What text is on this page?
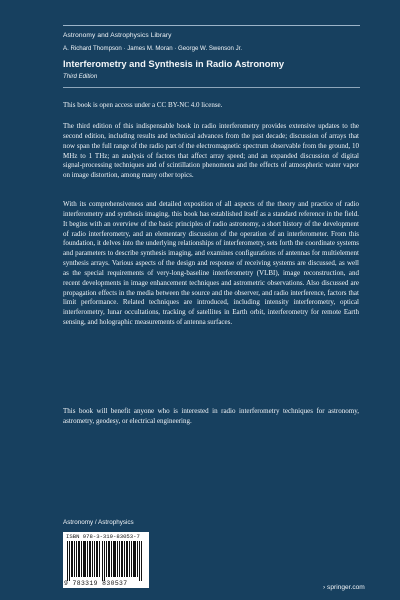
Astronomy and Astrophysics Library
A. Richard Thompson · James M. Moran · George W. Swenson Jr.
Interferometry and Synthesis in Radio Astronomy
Third Edition

This book is open access under a CC BY-NC 4.0 license.

The third edition of this indispensable book in radio interferometry provides extensive updates to the second edition, including results and technical advances from the past decade; discussion of arrays that now span the full range of the radio part of the electromagnetic spectrum observable from the ground, 10 MHz to 1 THz; an analysis of factors that affect array speed; and an expanded discussion of digital signal-processing techniques and of scintillation phenomena and the effects of atmospheric water vapor on image distortion, among many other topics.

With its comprehensiveness and detailed exposition of all aspects of the theory and practice of radio interferometry and synthesis imaging, this book has established itself as a standard reference in the field. It begins with an overview of the basic principles of radio astronomy, a short history of the development of radio interferometry, and an elementary discussion of the operation of an interferometer. From this foundation, it delves into the underlying relationships of interferometry, sets forth the coordinate systems and parameters to describe synthesis imaging, and examines configurations of antennas for multielement synthesis arrays. Various aspects of the design and response of receiving systems are discussed, as well as the special requirements of very-long-baseline interferometry (VLBI), image reconstruction, and recent developments in image enhancement techniques and astrometric observations. Also discussed are propagation effects in the media between the source and the observer, and radio interference, factors that limit performance. Related techniques are introduced, including intensity interferometry, optical interferometry, lunar occultations, tracking of satellites in Earth orbit, interferometry for remote Earth sensing, and holographic measurements of antenna surfaces.

This book will benefit anyone who is interested in radio interferometry techniques for astronomy, astrometry, geodesy, or electrical engineering.

Astronomy / Astrophysics
ISBN 978-3-319-83053-7
9 783319 830537
› springer.com
